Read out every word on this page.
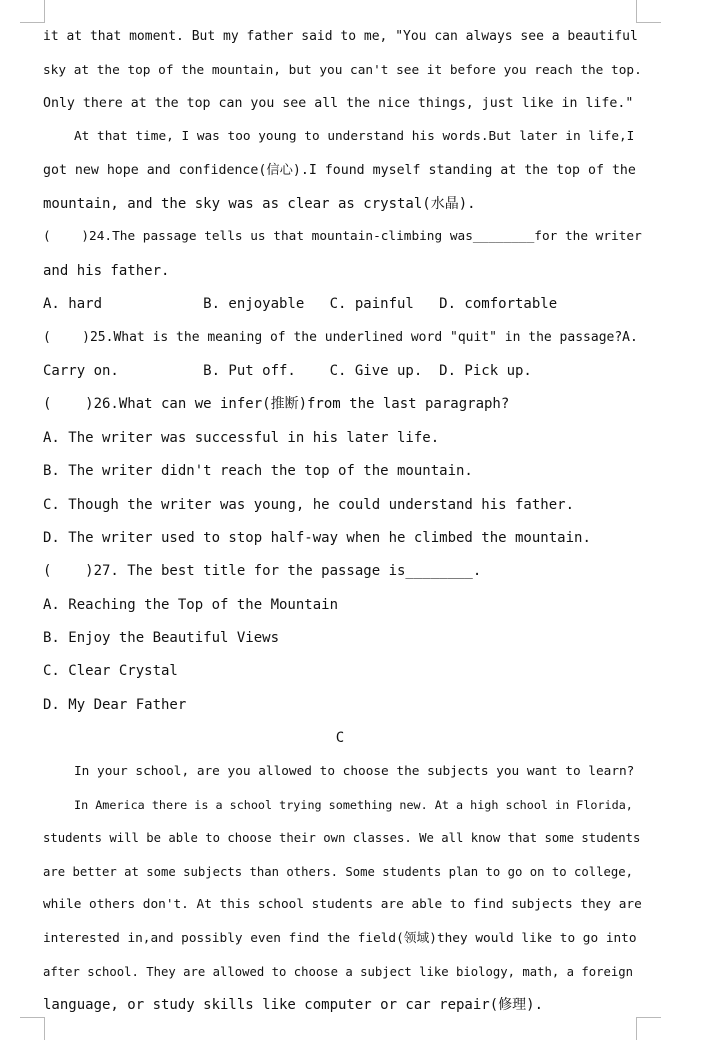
it at that moment. But my father said to me, "You can always see a beautiful
sky at the top of the mountain, but you can't see it before you reach the top.
Only there at the top can you see all the nice things, just like in life."
At that time, I was too young to understand his words.But later in life,I
got new hope and confidence(信心).I found myself standing at the top of the
mountain, and the sky was as clear as crystal(水晶).
(    )24.The passage tells us that mountain-climbing was________for the writer
and his father.
A. hard            B. enjoyable   C. painful   D. comfortable
(    )25.What is the meaning of the underlined word "quit" in the passage?A.
Carry on.          B. Put off.    C. Give up.  D. Pick up.
(    )26.What can we infer(推断)from the last paragraph?
A. The writer was successful in his later life.
B. The writer didn't reach the top of the mountain.
C. Though the writer was young, he could understand his father.
D. The writer used to stop half-way when he climbed the mountain.
(    )27. The best title for the passage is________.
A. Reaching the Top of the Mountain
B. Enjoy the Beautiful Views
C. Clear Crystal
D. My Dear Father
C
In your school, are you allowed to choose the subjects you want to learn?
In America there is a school trying something new. At a high school in Florida,
students will be able to choose their own classes. We all know that some students
are better at some subjects than others. Some students plan to go on to college,
while others don't. At this school students are able to find subjects they are
interested in,and possibly even find the field(领域)they would like to go into
after school. They are allowed to choose a subject like biology, math, a foreign
language, or study skills like computer or car repair(修理).
